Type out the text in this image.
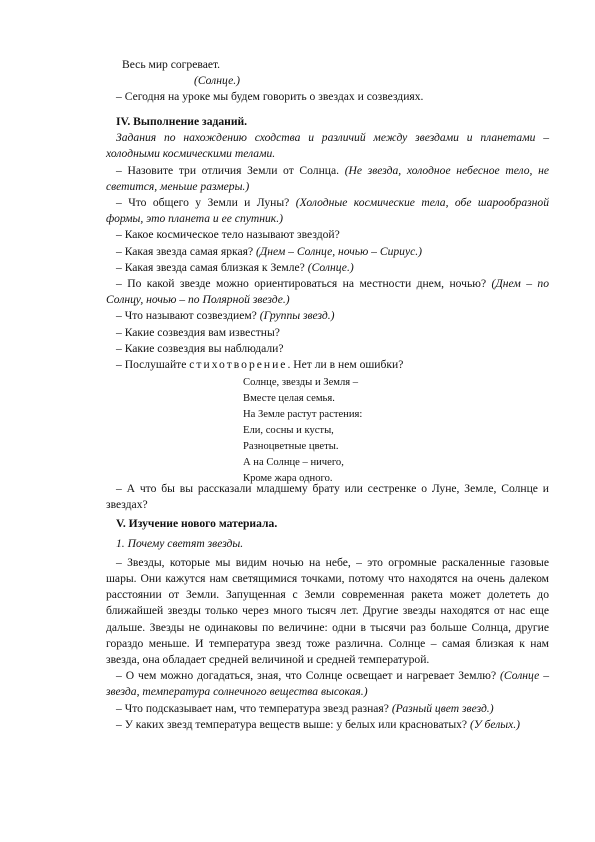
Весь мир согревает.

(Солнце.)

– Сегодня на уроке мы будем говорить о звездах и созвездиях.

IV. Выполнение заданий.

Задания по нахождению сходства и различий между звездами и планетами – холодными космическими телами.

– Назовите три отличия Земли от Солнца. (Не звезда, холодное небесное тело, не светится, меньше размеры.)

– Что общего у Земли и Луны? (Холодные космические тела, обе шарообразной формы, это планета и ее спутник.)

– Какое космическое тело называют звездой?

– Какая звезда самая яркая? (Днем – Солнце, ночью – Сириус.)

– Какая звезда самая близкая к Земле? (Солнце.)

– По какой звезде можно ориентироваться на местности днем, ночью? (Днем – по Солнцу, ночью – по Полярной звезде.)

– Что называют созвездием? (Группы звезд.)

– Какие созвездия вам известны?

– Какие созвездия вы наблюдали?

– Послушайте стихотворение. Нет ли в нем ошибки?

Солнце, звезды и Земля –

Вместе целая семья.

На Земле растут растения:

Ели, сосны и кусты,

Разноцветные цветы.

А на Солнце – ничего,

Кроме жара одного.

– А что бы вы рассказали младшему брату или сестренке о Луне, Земле, Солнце и звездах?

V. Изучение нового материала.

1. Почему светят звезды.

– Звезды, которые мы видим ночью на небе, – это огромные раскаленные газовые шары. Они кажутся нам светящимися точками, потому что находятся на очень далеком расстоянии от Земли. Запущенная с Земли современная ракета может долететь до ближайшей звезды только через много тысяч лет. Другие звезды находятся от нас еще дальше. Звезды не одинаковы по величине: одни в тысячи раз больше Солнца, другие гораздо меньше. И температура звезд тоже различна. Солнце – самая близкая к нам звезда, она обладает средней величиной и средней температурой.

– О чем можно догадаться, зная, что Солнце освещает и нагревает Землю? (Солнце – звезда, температура солнечного вещества высокая.)

– Что подсказывает нам, что температура звезд разная? (Разный цвет звезд.)

– У каких звезд температура веществ выше: у белых или красноватых? (У белых.)
